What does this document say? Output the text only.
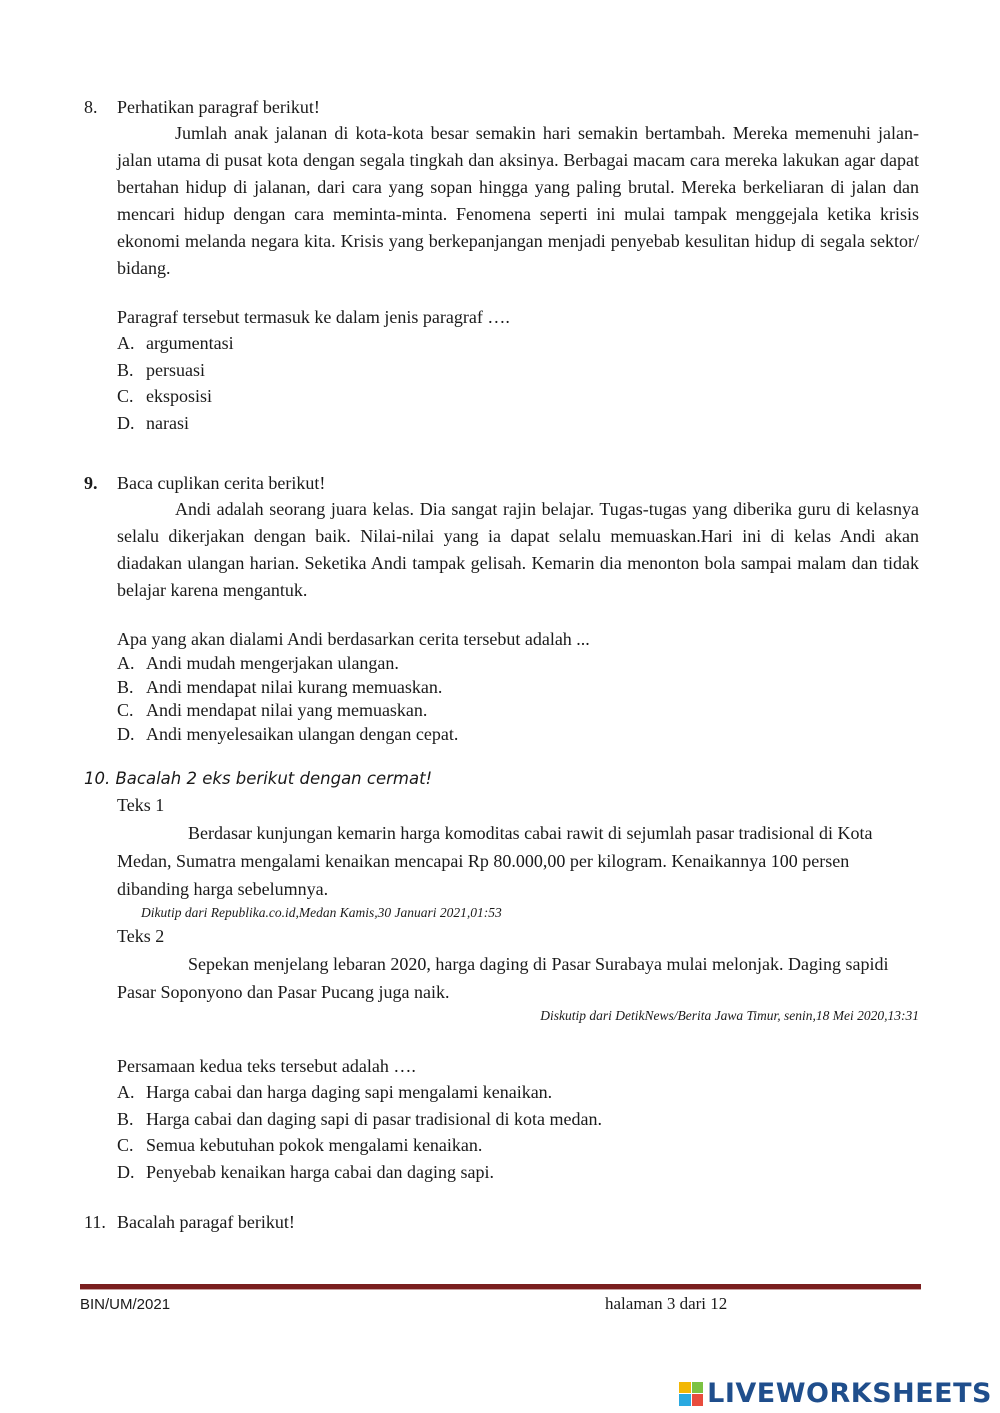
8.	Perhatikan paragraf berikut!
Jumlah anak jalanan di kota-kota besar semakin hari semakin bertambah. Mereka memenuhi jalan-jalan utama di pusat kota dengan segala tingkah dan aksinya. Berbagai macam cara mereka lakukan agar dapat bertahan hidup di jalanan, dari cara yang sopan hingga yang paling brutal. Mereka berkeliaran di jalan dan mencari hidup dengan cara meminta-minta. Fenomena seperti ini mulai tampak menggejala ketika krisis ekonomi melanda negara kita. Krisis yang berkepanjangan menjadi penyebab kesulitan hidup di segala sektor/ bidang.
Paragraf tersebut termasuk ke dalam jenis paragraf ….
A. argumentasi
B. persuasi
C. eksposisi
D. narasi
9.	Baca cuplikan cerita berikut!
Andi adalah seorang juara kelas. Dia sangat rajin belajar. Tugas-tugas yang diberika guru di kelasnya selalu dikerjakan dengan baik. Nilai-nilai yang ia dapat selalu memuaskan.Hari ini di kelas Andi akan diadakan ulangan harian. Seketika Andi tampak gelisah. Kemarin dia menonton bola sampai malam dan tidak belajar karena mengantuk.
Apa yang akan dialami Andi berdasarkan cerita tersebut adalah ...
A. Andi mudah mengerjakan ulangan.
B. Andi mendapat nilai kurang memuaskan.
C. Andi mendapat nilai yang memuaskan.
D. Andi menyelesaikan ulangan dengan cepat.
10. Bacalah 2 eks berikut dengan cermat!
Teks 1
Berdasar kunjungan kemarin harga komoditas cabai rawit di sejumlah pasar tradisional di Kota Medan, Sumatra mengalami kenaikan mencapai Rp 80.000,00 per kilogram. Kenaikannya 100 persen dibanding harga sebelumnya.
Dikutip dari Republika.co.id,Medan Kamis,30 Januari 2021,01:53
Teks 2
Sepekan menjelang lebaran 2020, harga daging di Pasar Surabaya mulai melonjak. Daging sapidi Pasar Soponyono dan Pasar Pucang juga naik.
Diskutip dari DetikNews/Berita Jawa Timur, senin,18 Mei 2020,13:31
Persamaan kedua teks tersebut adalah ….
A. Harga cabai dan harga daging sapi mengalami kenaikan.
B. Harga cabai dan daging sapi di pasar tradisional di kota medan.
C. Semua kebutuhan pokok mengalami kenaikan.
D. Penyebab kenaikan harga cabai dan daging sapi.
11. Bacalah paragaf berikut!
BIN/UM/2021	halaman 3 dari 12
LIVEWORKSHEETS
